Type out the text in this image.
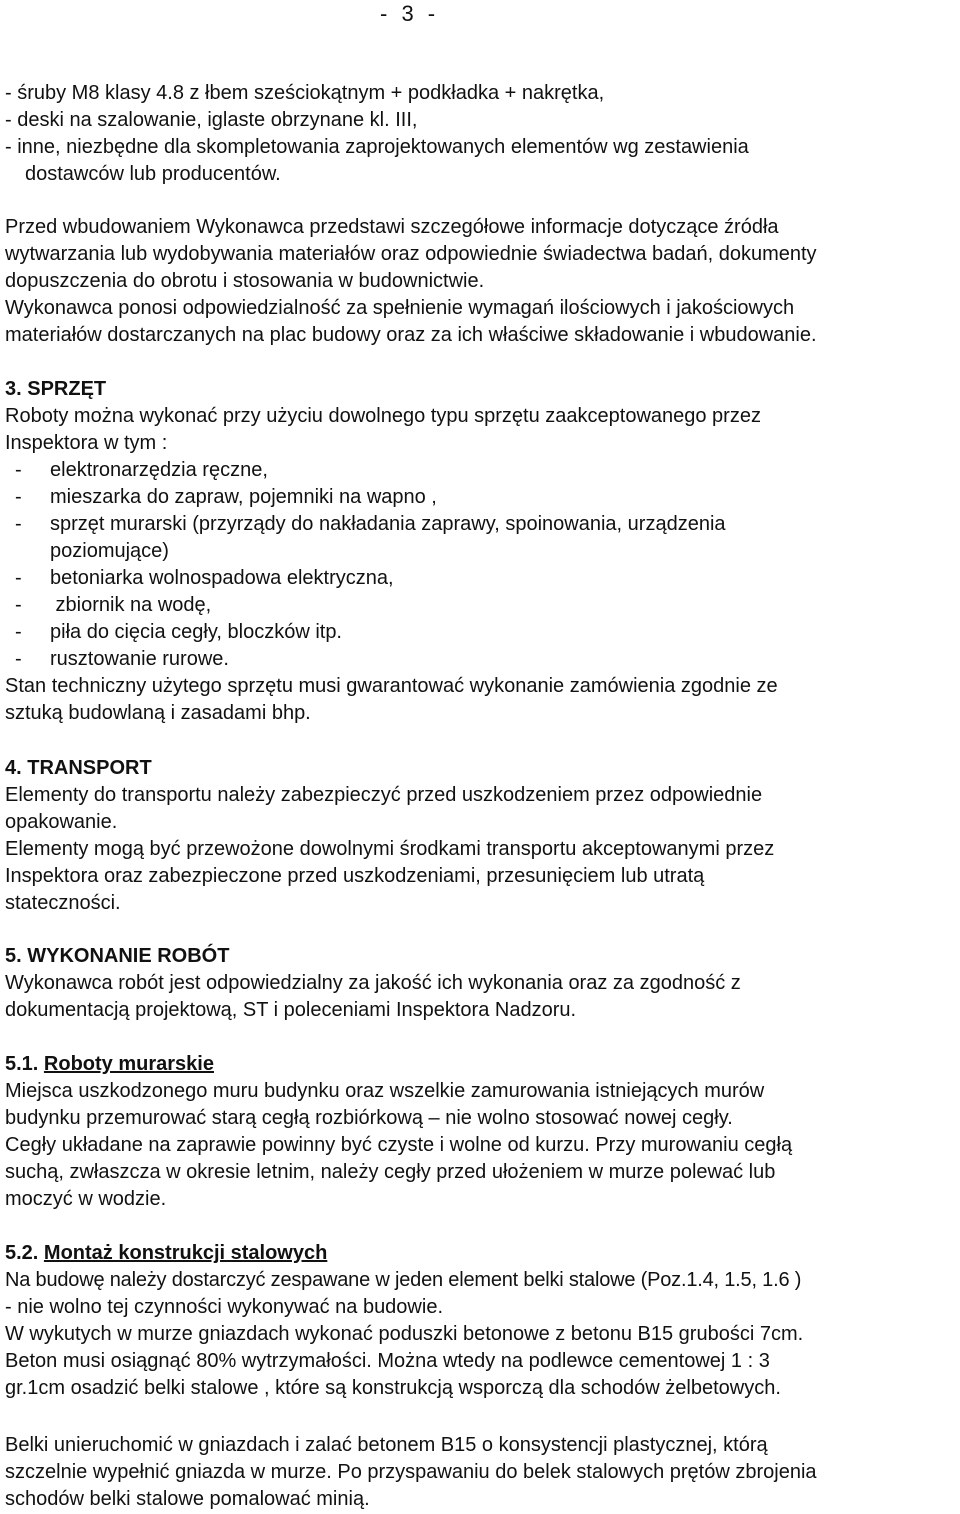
- 3 -
- śruby M8 klasy 4.8 z łbem sześciokątnym + podkładka + nakrętka,
- deski na szalowanie, iglaste obrzynane kl. III,
- inne, niezbędne dla skompletowania zaprojektowanych elementów wg zestawienia
dostawców lub producentów.
Przed wbudowaniem Wykonawca przedstawi szczegółowe informacje dotyczące źródła
wytwarzania lub wydobywania materiałów oraz odpowiednie świadectwa badań, dokumenty
dopuszczenia do obrotu i stosowania w budownictwie.
Wykonawca ponosi odpowiedzialność za spełnienie wymagań ilościowych i jakościowych
materiałów dostarczanych na plac budowy oraz za ich właściwe składowanie i wbudowanie.
3. SPRZĘT
Roboty można wykonać przy użyciu dowolnego typu sprzętu zaakceptowanego przez
Inspektora w tym :
- elektronarzędzia ręczne,
- mieszarka do zapraw, pojemniki na wapno ,
- sprzęt murarski (przyrządy do nakładania zaprawy, spoinowania, urządzenia
poziomujące)
- betoniarka wolnospadowa elektryczna,
- zbiornik na wodę,
- piła do cięcia cegły, bloczków itp.
- rusztowanie rurowe.
Stan techniczny użytego sprzętu musi gwarantować wykonanie zamówienia zgodnie ze
sztuką budowlaną i zasadami bhp.
4. TRANSPORT
Elementy do transportu należy zabezpieczyć przed uszkodzeniem przez odpowiednie
opakowanie.
Elementy mogą być przewożone dowolnymi środkami transportu akceptowanymi przez
Inspektora oraz zabezpieczone przed uszkodzeniami, przesunięciem lub utratą
stateczności.
5. WYKONANIE ROBÓT
Wykonawca robót jest odpowiedzialny za jakość ich wykonania oraz za zgodność z
dokumentacją projektową, ST i poleceniami Inspektora Nadzoru.
5.1. Roboty murarskie
Miejsca uszkodzonego muru budynku oraz wszelkie zamurowania istniejących murów
budynku przemurować starą cegłą rozbiórkową – nie wolno stosować nowej cegły.
Cegły układane na zaprawie powinny być czyste i wolne od kurzu. Przy murowaniu cegłą
suchą, zwłaszcza w okresie letnim, należy cegły przed ułożeniem w murze polewać lub
moczyć w wodzie.
5.2. Montaż konstrukcji stalowych
Na budowę należy dostarczyć zespawane w jeden element belki stalowe (Poz.1.4, 1.5, 1.6 )
- nie wolno tej czynności wykonywać na budowie.
W wykutych w murze gniazdach wykonać poduszki betonowe z betonu B15 grubości 7cm.
Beton musi osiągnąć 80% wytrzymałości. Można wtedy na podlewce cementowej 1 : 3
gr.1cm osadzić belki stalowe , które są konstrukcją wsporczą dla schodów żelbetowych.
Belki unieruchomić w gniazdach i zalać betonem B15 o konsystencji plastycznej, którą
szczelnie wypełnić gniazda w murze. Po przyspawaniu do belek stalowych prętów zbrojenia
schodów belki stalowe pomalować minią.
